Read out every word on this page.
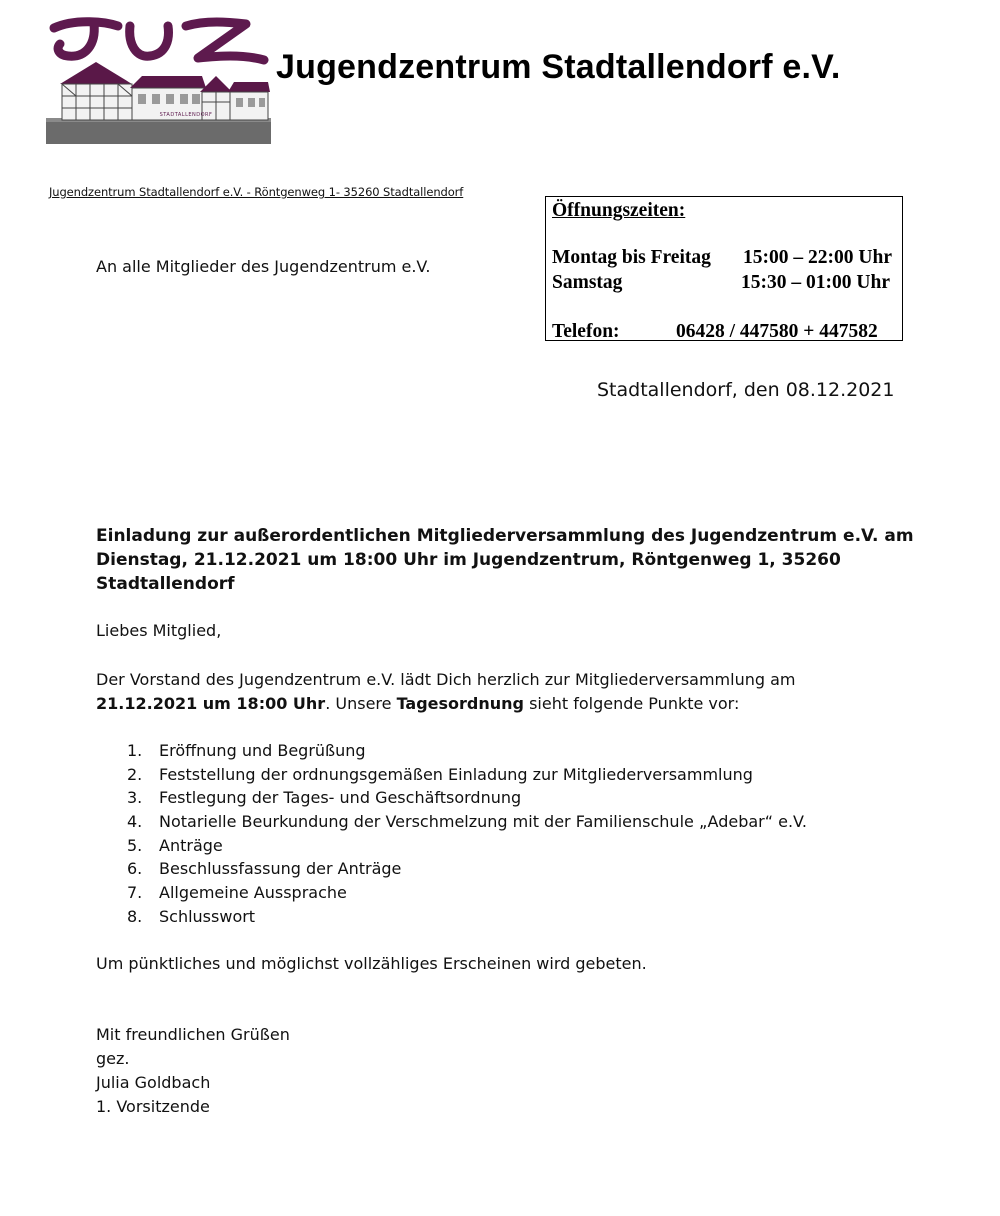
STADTALLENDORF
Jugendzentrum Stadtallendorf e.V.
Jugendzentrum Stadtallendorf e.V. - Röntgenweg 1- 35260 Stadtallendorf
An alle Mitglieder des Jugendzentrum e.V.
Öffnungszeiten:
Montag bis Freitag 15:00 – 22:00 Uhr
Samstag	15:30 – 01:00 Uhr
Telefon:	06428 / 447580 + 447582
Stadtallendorf, den 08.12.2021
Einladung zur außerordentlichen Mitgliederversammlung des Jugendzentrum e.V. am Dienstag, 21.12.2021 um 18:00 Uhr im Jugendzentrum, Röntgenweg 1, 35260 Stadtallendorf
Liebes Mitglied,
Der Vorstand des Jugendzentrum e.V. lädt Dich herzlich zur Mitgliederversammlung am 21.12.2021 um 18:00 Uhr. Unsere Tagesordnung sieht folgende Punkte vor:
1. Eröffnung und Begrüßung
2. Feststellung der ordnungsgemäßen Einladung zur Mitgliederversammlung
3. Festlegung der Tages- und Geschäftsordnung
4. Notarielle Beurkundung der Verschmelzung mit der Familienschule „Adebar“ e.V.
5. Anträge
6. Beschlussfassung der Anträge
7. Allgemeine Aussprache
8. Schlusswort
Um pünktliches und möglichst vollzähliges Erscheinen wird gebeten.
Mit freundlichen Grüßen
gez.
Julia Goldbach
1. Vorsitzende
